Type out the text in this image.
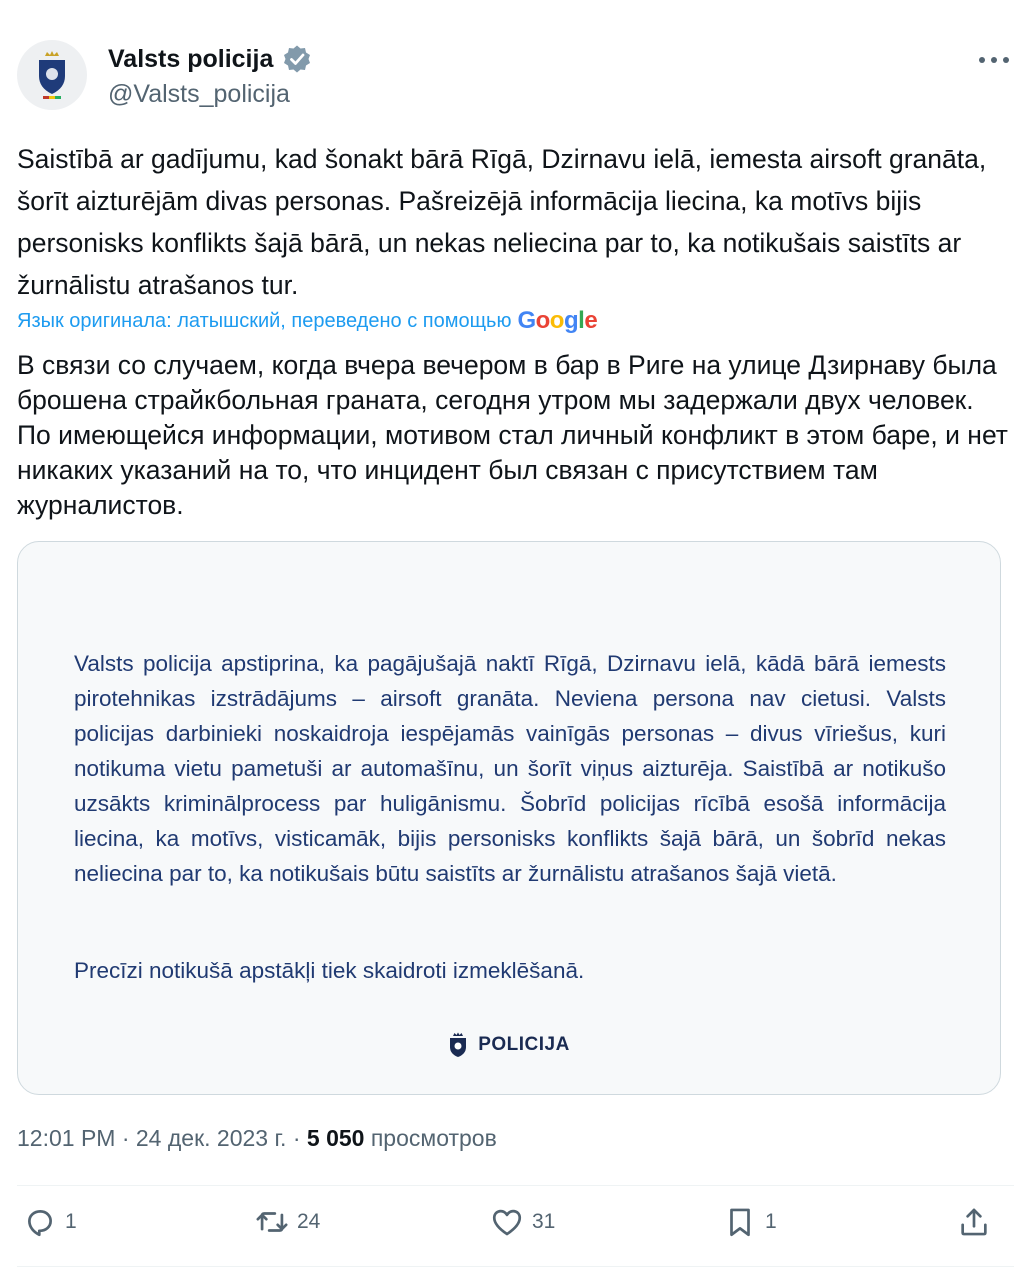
Valsts policija
@Valsts_policija
Saistībā ar gadījumu, kad šonakt bārā Rīgā, Dzirnavu ielā, iemesta airsoft granāta, šorīt aizturējām divas personas. Pašreizējā informācija liecina, ka motīvs bijis personisks konflikts šajā bārā, un nekas neliecina par to, ka notikušais saistīts ar žurnālistu atrašanos tur.
Язык оригинала: латышский, переведено с помощью Google
В связи со случаем, когда вчера вечером в бар в Риге на улице Дзирнаву была брошена страйкбольная граната, сегодня утром мы задержали двух человек. По имеющейся информации, мотивом стал личный конфликт в этом баре, и нет никаких указаний на то, что инцидент был связан с присутствием там журналистов.
Valsts policija apstiprina, ka pagājušajā naktī Rīgā, Dzirnavu ielā, kādā bārā iemests pirotehnikas izstrādājums – airsoft granāta. Neviena persona nav cietusi. Valsts policijas darbinieki noskaidroja iespējamās vainīgās personas – divus vīriešus, kuri notikuma vietu pametuši ar automašīnu, un šorīt viņus aizturēja. Saistībā ar notikušo uzsākts kriminālprocess par huligānismu. Šobrīd policijas rīcībā esošā informācija liecina, ka motīvs, visticamāk, bijis personisks konflikts šajā bārā, un šobrīd nekas neliecina par to, ka notikušais būtu saistīts ar žurnālistu atrašanos šajā vietā.
Precīzi notikušā apstākļi tiek skaidroti izmeklēšanā.
POLICIJA
12:01 PM · 24 дек. 2023 г. · 5 050 просмотров
1	24	31	1
